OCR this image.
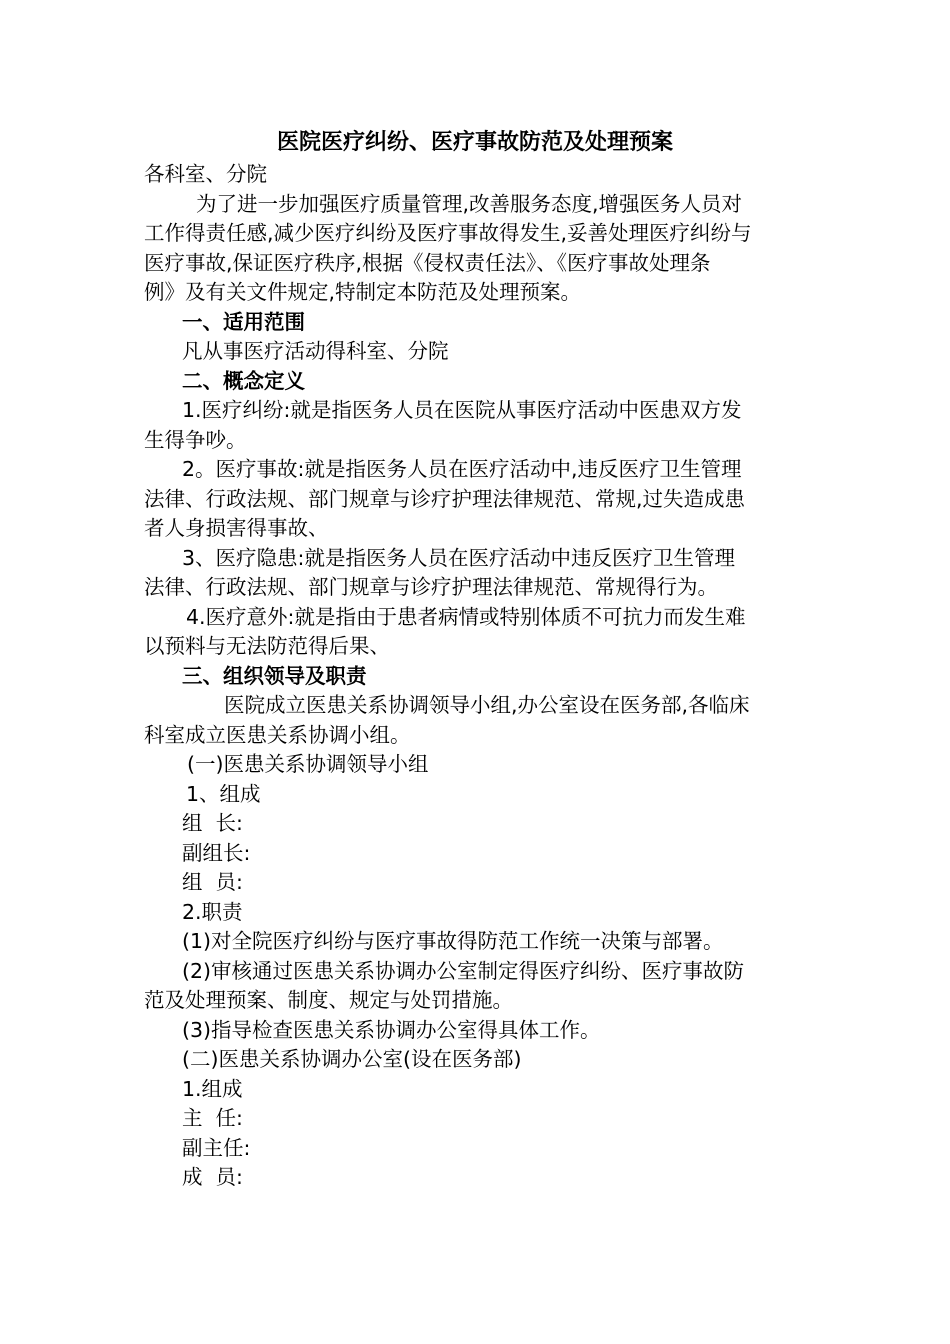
医院医疗纠纷、医疗事故防范及处理预案

各科室、分院

为了进一步加强医疗质量管理,改善服务态度,增强医务人员对

工作得责任感,减少医疗纠纷及医疗事故得发生,妥善处理医疗纠纷与

医疗事故,保证医疗秩序,根据《侵权责任法》、《医疗事故处理条

例》及有关文件规定,特制定本防范及处理预案。

一、适用范围

凡从事医疗活动得科室、分院

二、概念定义

1.医疗纠纷:就是指医务人员在医院从事医疗活动中医患双方发

生得争吵。

2。医疗事故:就是指医务人员在医疗活动中,违反医疗卫生管理

法律、行政法规、部门规章与诊疗护理法律规范、常规,过失造成患

者人身损害得事故、

3、医疗隐患:就是指医务人员在医疗活动中违反医疗卫生管理

法律、行政法规、部门规章与诊疗护理法律规范、常规得行为。

4.医疗意外:就是指由于患者病情或特别体质不可抗力而发生难

以预料与无法防范得后果、

三、组织领导及职责

医院成立医患关系协调领导小组,办公室设在医务部,各临床

科室成立医患关系协调小组。

(一)医患关系协调领导小组

1、组成

组  长:

副组长:

组  员:

2.职责

(1)对全院医疗纠纷与医疗事故得防范工作统一决策与部署。

(2)审核通过医患关系协调办公室制定得医疗纠纷、医疗事故防

范及处理预案、制度、规定与处罚措施。

(3)指导检查医患关系协调办公室得具体工作。

(二)医患关系协调办公室(设在医务部)

1.组成

主  任:

副主任:

成  员:
